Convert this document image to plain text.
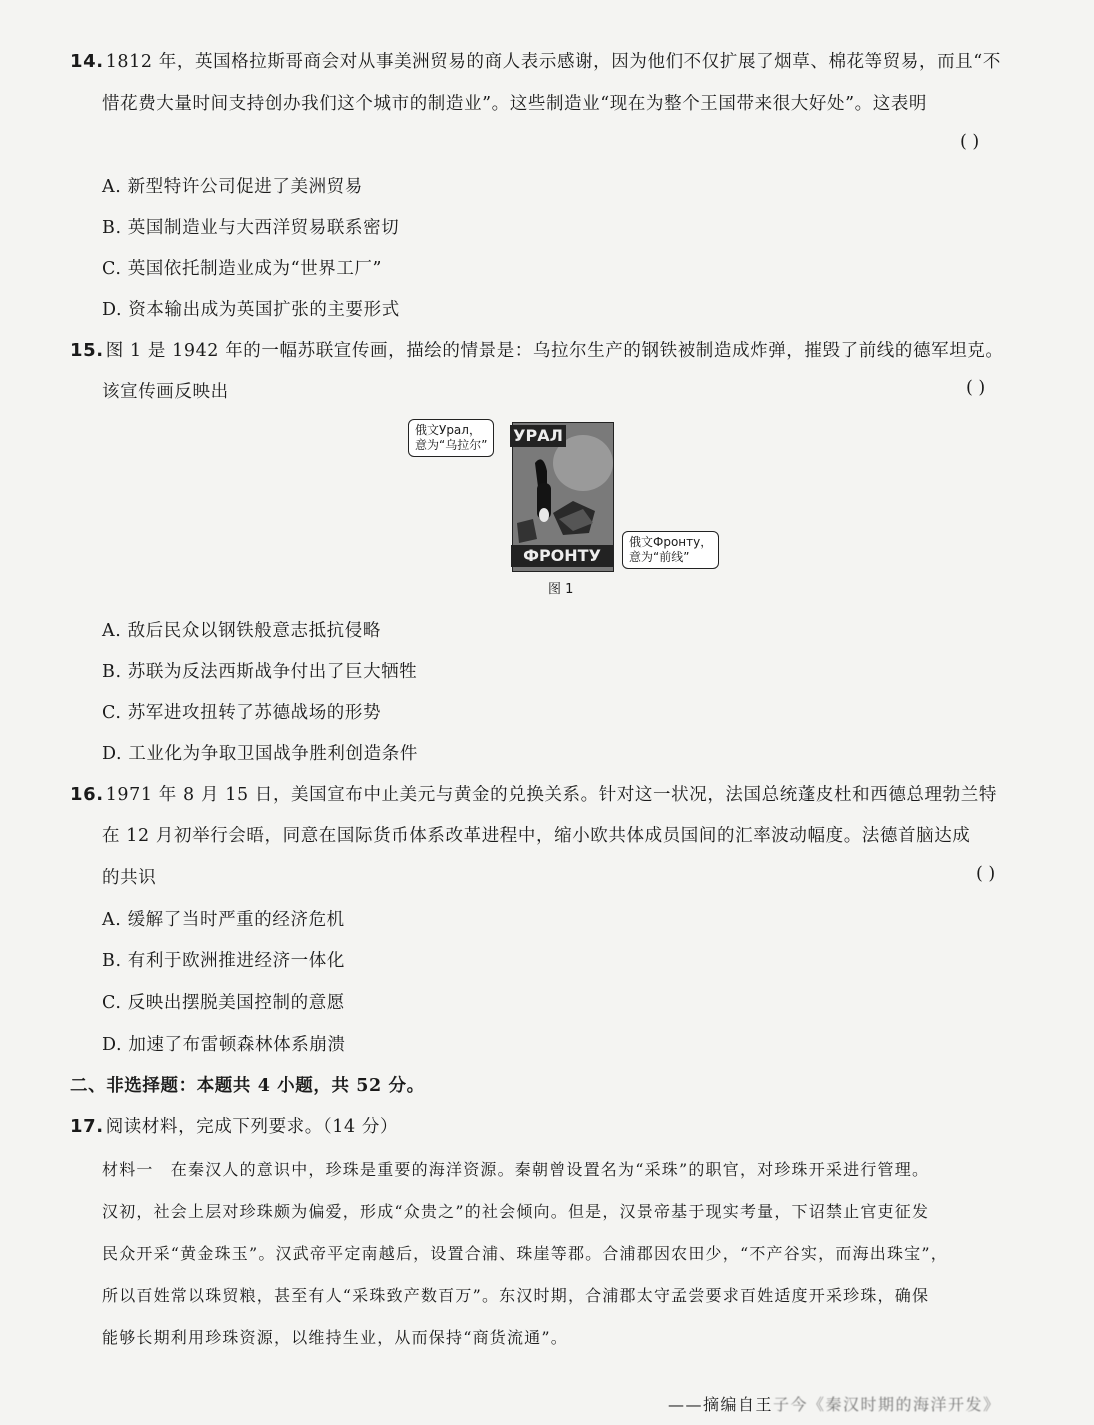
14. 1812 年，英国格拉斯哥商会对从事美洲贸易的商人表示感谢，因为他们不仅扩展了烟草、棉花等贸易，而且“不
惜花费大量时间支持创办我们这个城市的制造业”。这些制造业“现在为整个王国带来很大好处”。这表明
( )
A. 新型特许公司促进了美洲贸易
B. 英国制造业与大西洋贸易联系密切
C. 英国依托制造业成为“世界工厂”
D. 资本输出成为英国扩张的主要形式
15. 图 1 是 1942 年的一幅苏联宣传画，描绘的情景是：乌拉尔生产的钢铁被制造成炸弹，摧毁了前线的德军坦克。
该宣传画反映出	( )
УРАЛ
ФРОНТУ
俄文Урал，
意为“乌拉尔”
俄文Фронту，
意为“前线”
图 1
A. 敌后民众以钢铁般意志抵抗侵略
B. 苏联为反法西斯战争付出了巨大牺牲
C. 苏军进攻扭转了苏德战场的形势
D. 工业化为争取卫国战争胜利创造条件
16. 1971 年 8 月 15 日，美国宣布中止美元与黄金的兑换关系。针对这一状况，法国总统蓬皮杜和西德总理勃兰特
在 12 月初举行会晤，同意在国际货币体系改革进程中，缩小欧共体成员国间的汇率波动幅度。法德首脑达成
的共识	( )
A. 缓解了当时严重的经济危机
B. 有利于欧洲推进经济一体化
C. 反映出摆脱美国控制的意愿
D. 加速了布雷顿森林体系崩溃
二、非选择题：本题共 4 小题，共 52 分。
17. 阅读材料，完成下列要求。（14 分）
材料一　在秦汉人的意识中，珍珠是重要的海洋资源。秦朝曾设置名为“采珠”的职官，对珍珠开采进行管理。
汉初，社会上层对珍珠颇为偏爱，形成“众贵之”的社会倾向。但是，汉景帝基于现实考量，下诏禁止官吏征发
民众开采“黄金珠玉”。汉武帝平定南越后，设置合浦、珠崖等郡。合浦郡因农田少，“不产谷实，而海出珠宝”，
所以百姓常以珠贸粮，甚至有人“采珠致产数百万”。东汉时期，合浦郡太守孟尝要求百姓适度开采珍珠，确保
能够长期利用珍珠资源，以维持生业，从而保持“商货流通”。
——摘编自王子今《秦汉时期的海洋开发》
